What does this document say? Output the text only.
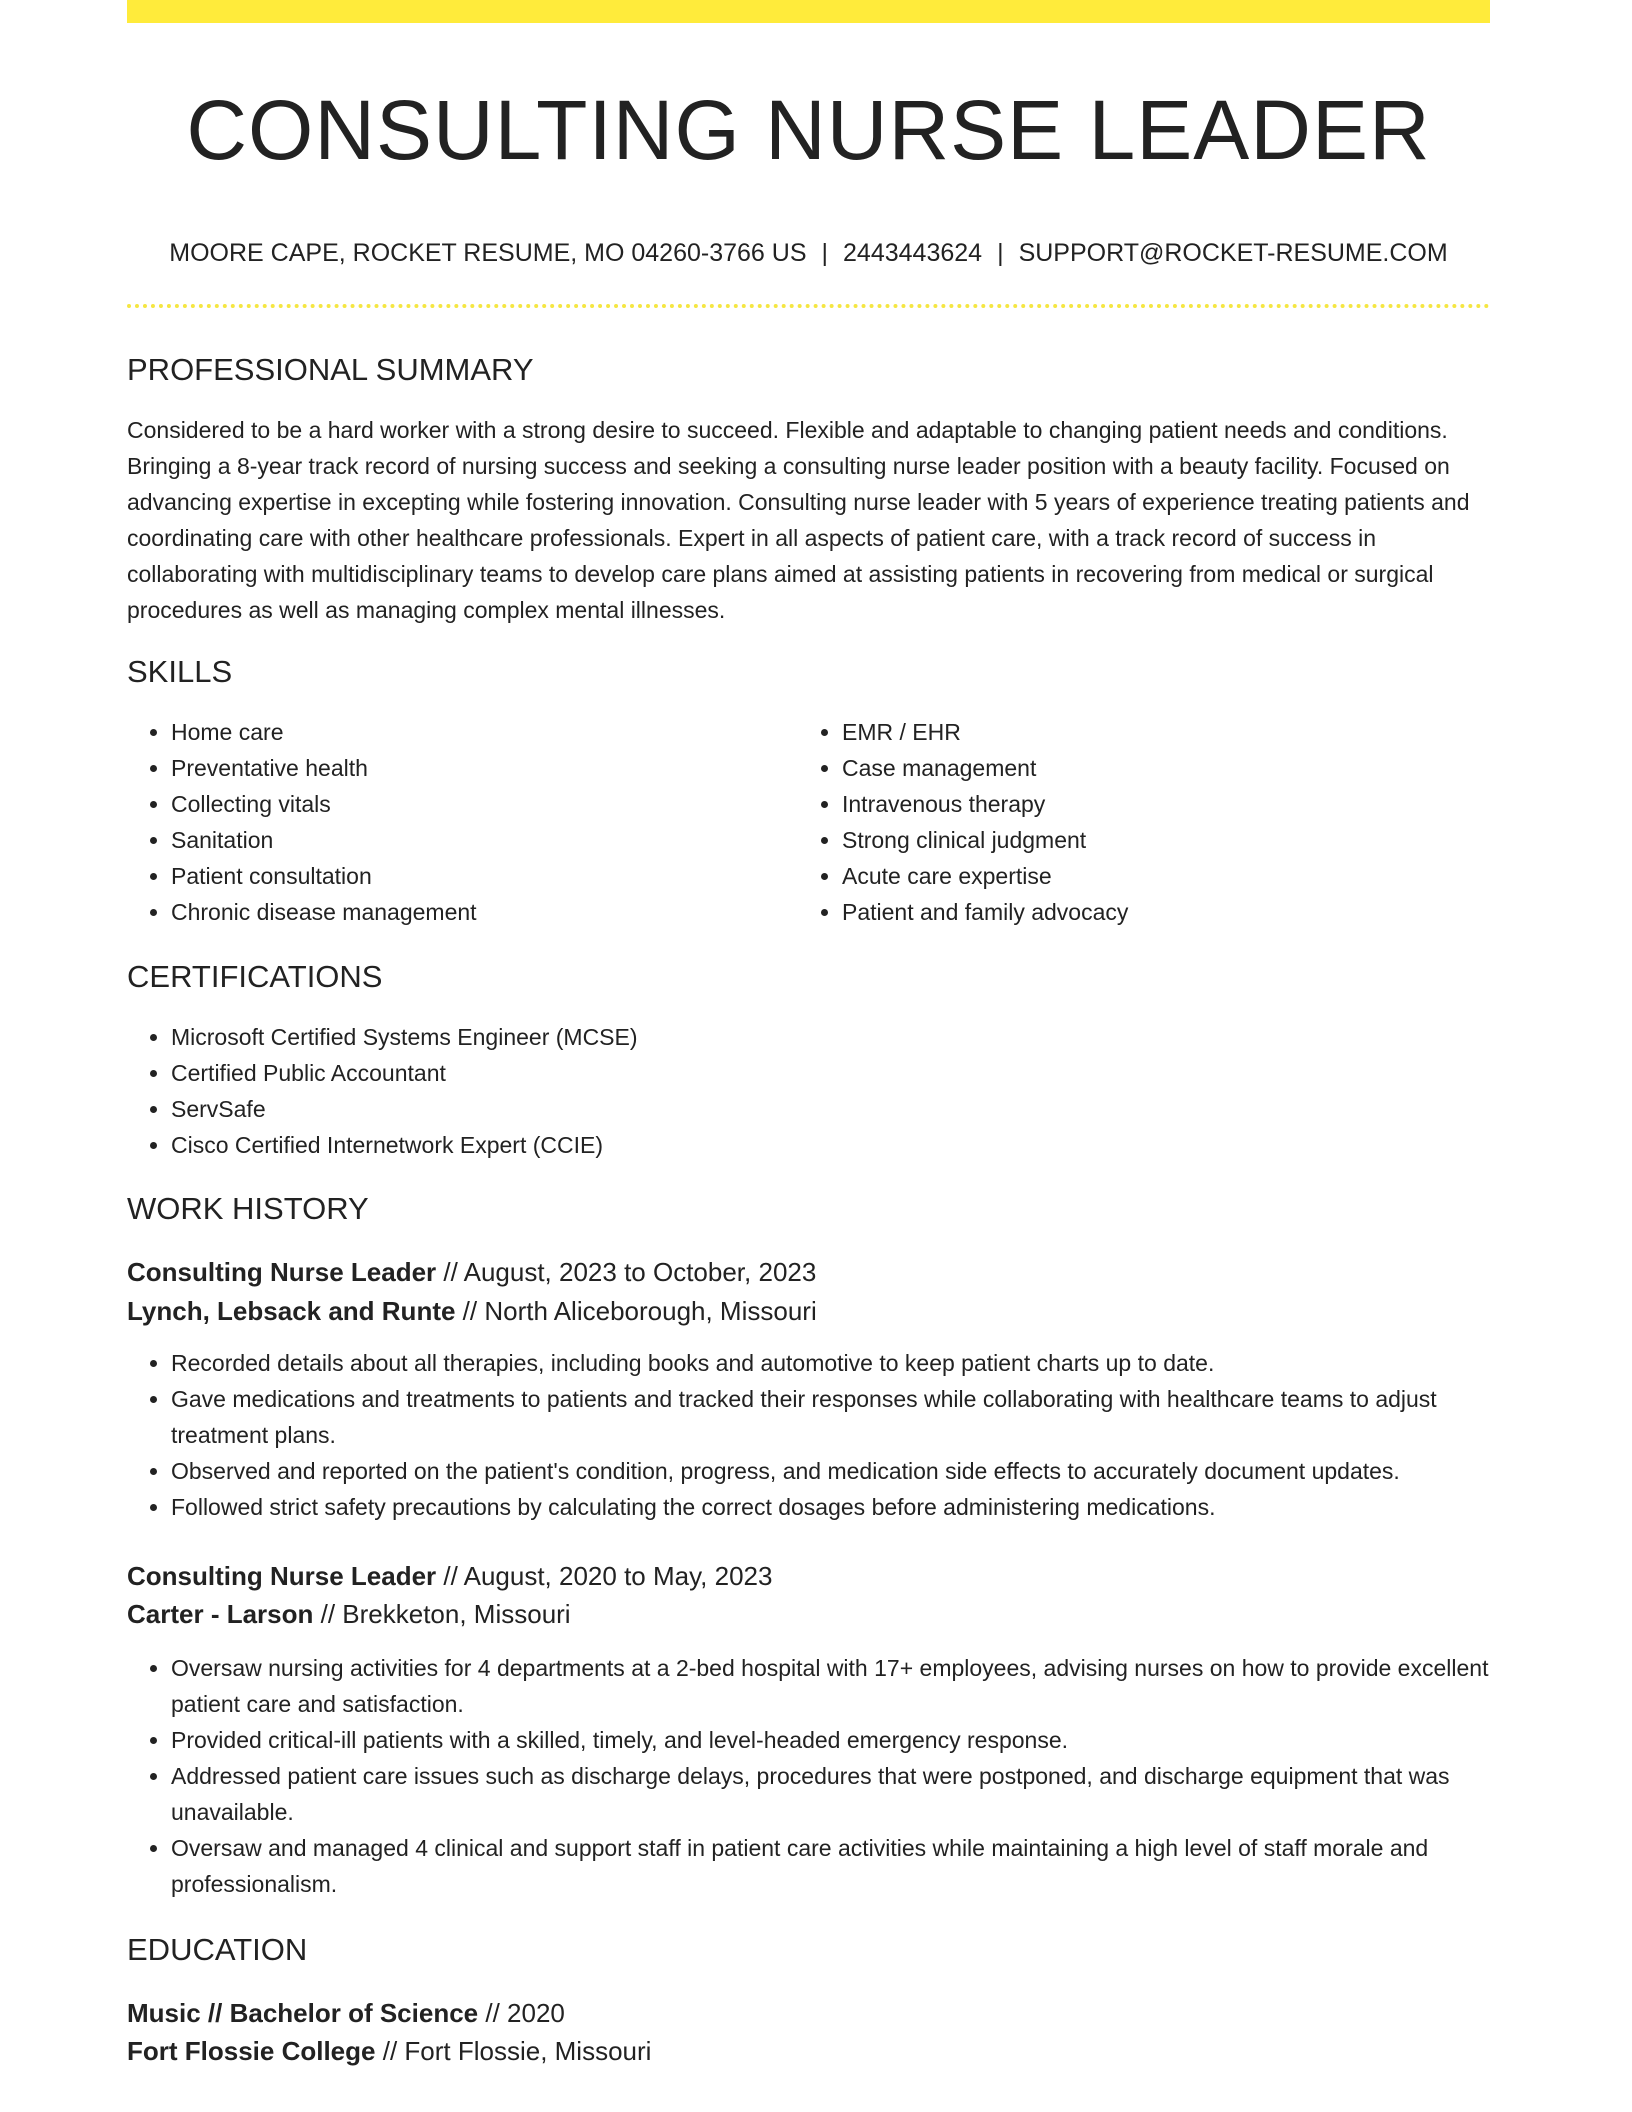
CONSULTING NURSE LEADER
MOORE CAPE, ROCKET RESUME, MO 04260-3766 US | 2443443624 | SUPPORT@ROCKET-RESUME.COM
PROFESSIONAL SUMMARY

Considered to be a hard worker with a strong desire to succeed. Flexible and adaptable to changing patient needs and conditions. Bringing a 8-year track record of nursing success and seeking a consulting nurse leader position with a beauty facility. Focused on advancing expertise in excepting while fostering innovation. Consulting nurse leader with 5 years of experience treating patients and coordinating care with other healthcare professionals. Expert in all aspects of patient care, with a track record of success in collaborating with multidisciplinary teams to develop care plans aimed at assisting patients in recovering from medical or surgical procedures as well as managing complex mental illnesses.

SKILLS
• Home care
• Preventative health
• Collecting vitals
• Sanitation
• Patient consultation
• Chronic disease management
• EMR / EHR
• Case management
• Intravenous therapy
• Strong clinical judgment
• Acute care expertise
• Patient and family advocacy
CERTIFICATIONS
• Microsoft Certified Systems Engineer (MCSE)
• Certified Public Accountant
• ServSafe
• Cisco Certified Internetwork Expert (CCIE)
WORK HISTORY
Consulting Nurse Leader // August, 2023 to October, 2023
Lynch, Lebsack and Runte // North Aliceborough, Missouri
• Recorded details about all therapies, including books and automotive to keep patient charts up to date.
• Gave medications and treatments to patients and tracked their responses while collaborating with healthcare teams to adjust treatment plans.
• Observed and reported on the patient's condition, progress, and medication side effects to accurately document updates.
• Followed strict safety precautions by calculating the correct dosages before administering medications.
Consulting Nurse Leader // August, 2020 to May, 2023
Carter - Larson // Brekketon, Missouri
• Oversaw nursing activities for 4 departments at a 2-bed hospital with 17+ employees, advising nurses on how to provide excellent patient care and satisfaction.
• Provided critical-ill patients with a skilled, timely, and level-headed emergency response.
• Addressed patient care issues such as discharge delays, procedures that were postponed, and discharge equipment that was unavailable.
• Oversaw and managed 4 clinical and support staff in patient care activities while maintaining a high level of staff morale and professionalism.
EDUCATION
Music // Bachelor of Science // 2020
Fort Flossie College // Fort Flossie, Missouri
